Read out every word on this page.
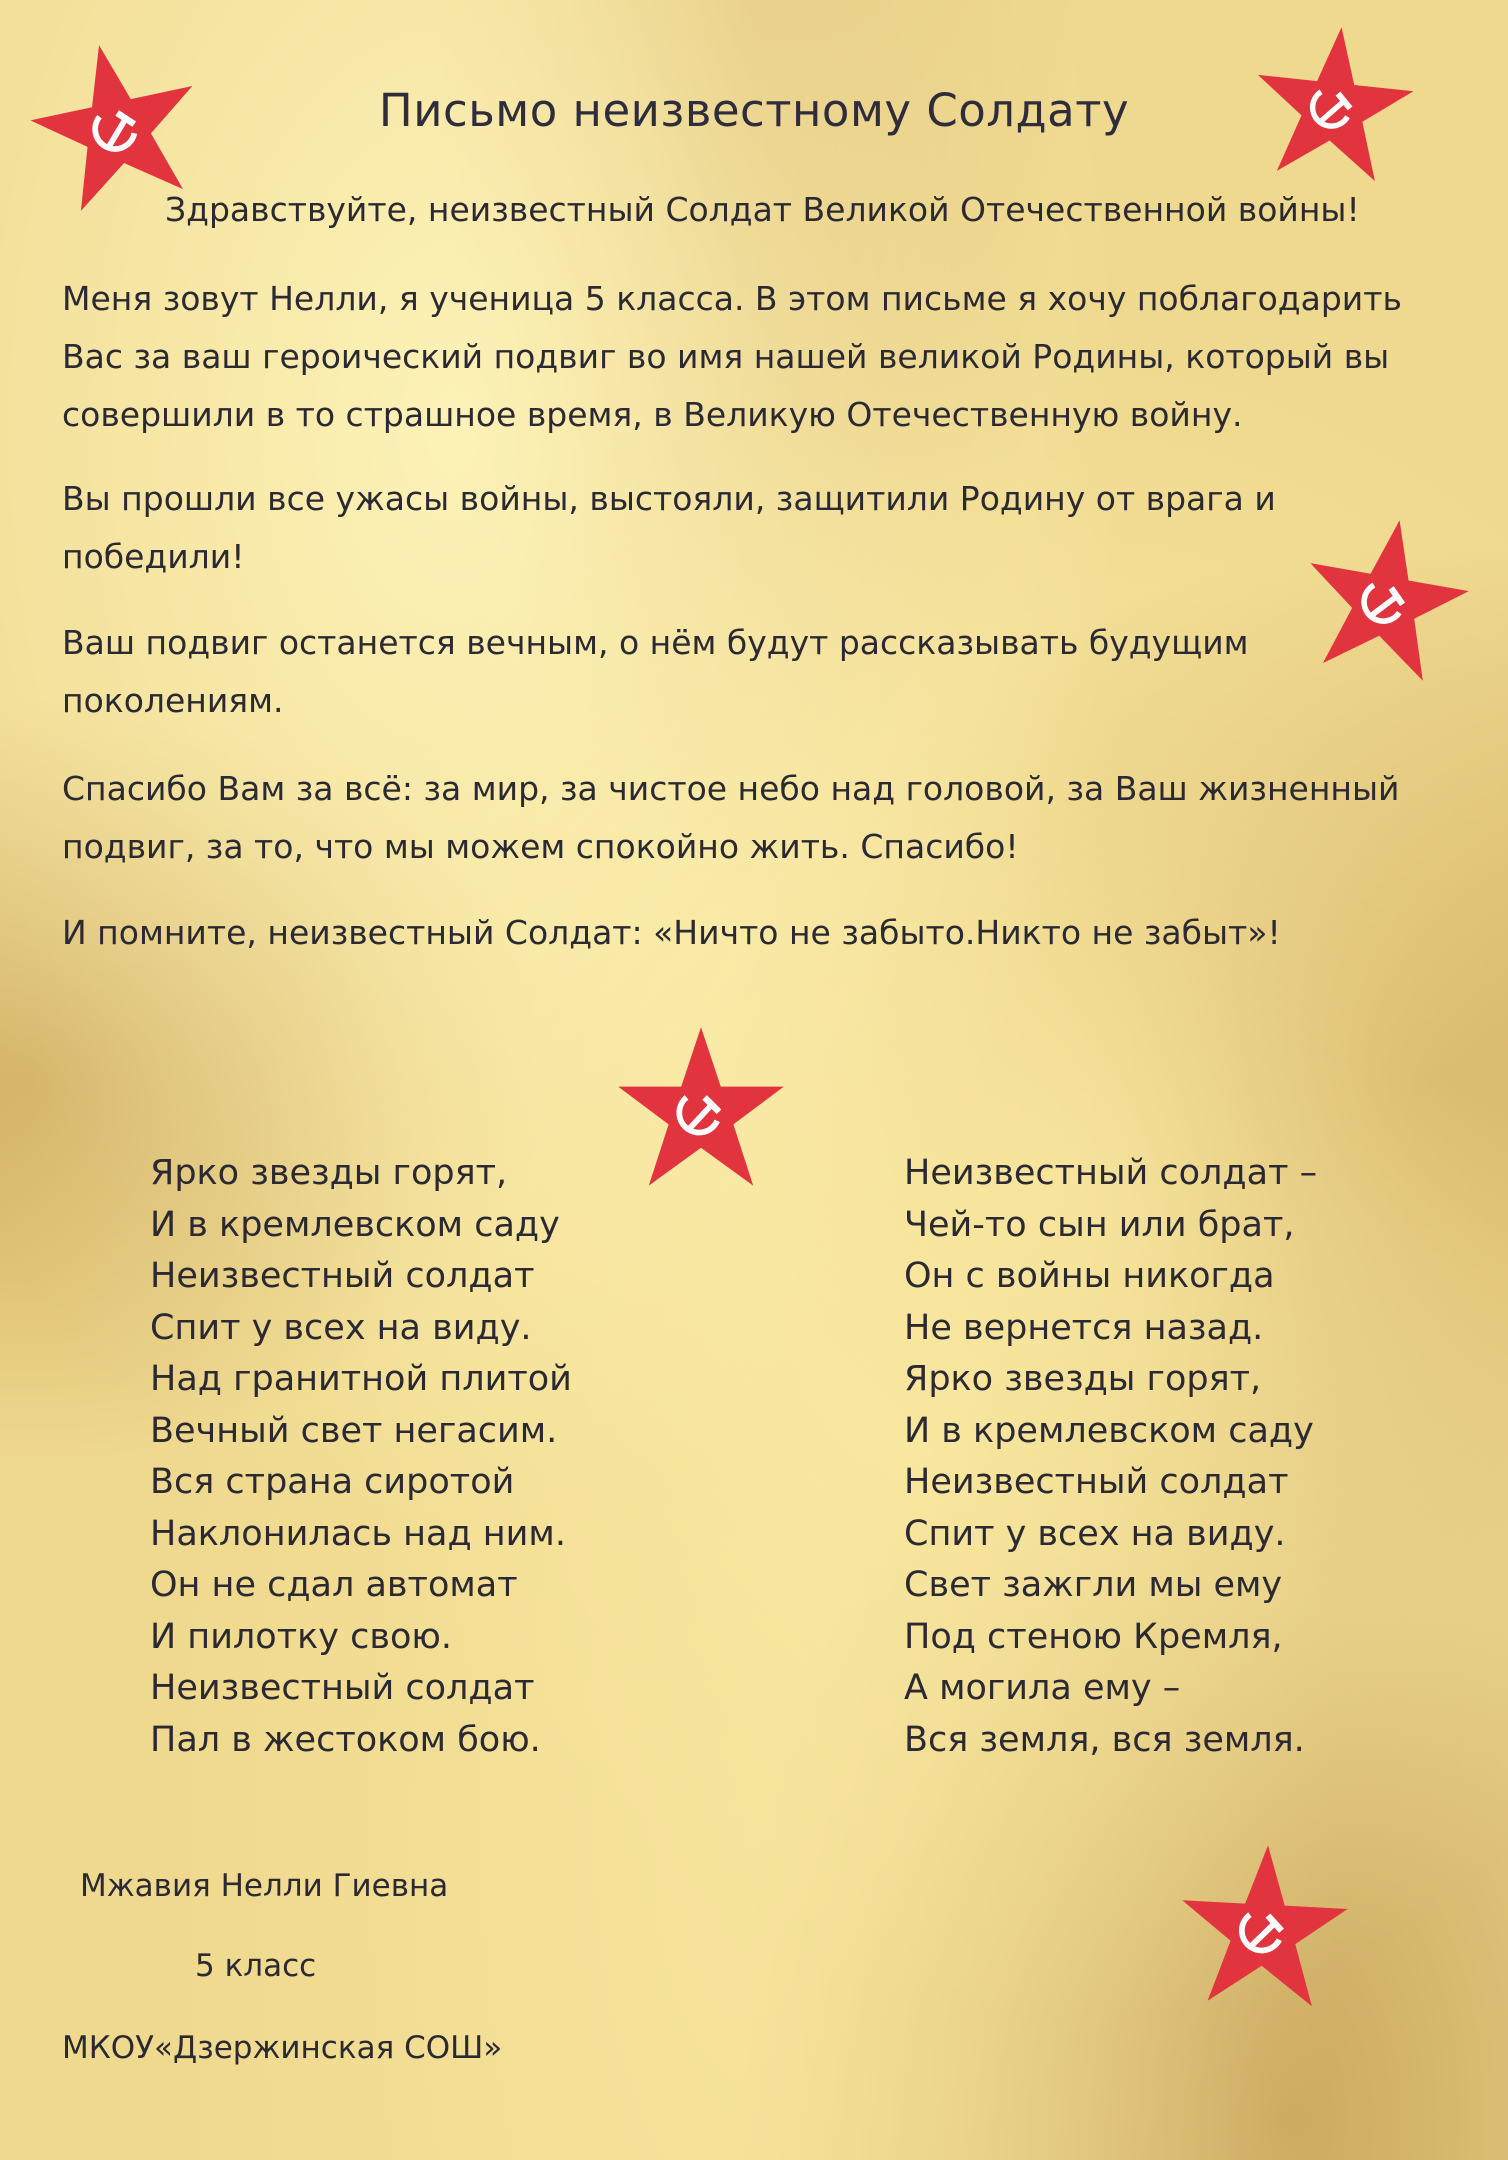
Письмо неизвестному Солдату
Здравствуйте, неизвестный Солдат Великой Отечественной войны!
Меня зовут Нелли, я ученица 5 класса. В этом письме я хочу поблагодарить Вас за ваш героический подвиг во имя нашей великой Родины, который вы совершили в то страшное время, в Великую Отечественную войну.
Вы прошли все ужасы войны, выстояли, защитили Родину от врага и победили!
Ваш подвиг останется вечным, о нём будут рассказывать будущим поколениям.
Спасибо Вам за всё: за мир, за чистое небо над головой, за Ваш жизненный подвиг, за то, что мы можем спокойно жить. Спасибо!
И помните, неизвестный Солдат: «Ничто не забыто.Никто не забыт»!
Ярко звезды горят,
И в кремлевском саду
Неизвестный солдат
Спит у всех на виду.
Над гранитной плитой
Вечный свет негасим.
Вся страна сиротой
Наклонилась над ним.
Он не сдал автомат
И пилотку свою.
Неизвестный солдат
Пал в жестоком бою.
Неизвестный солдат –
Чей-то сын или брат,
Он с войны никогда
Не вернется назад.
Ярко звезды горят,
И в кремлевском саду
Неизвестный солдат
Спит у всех на виду.
Свет зажгли мы ему
Под стеною Кремля,
А могила ему –
Вся земля, вся земля.
Мжавия Нелли Гиевна
5 класс
МКОУ«Дзержинская СОШ»
